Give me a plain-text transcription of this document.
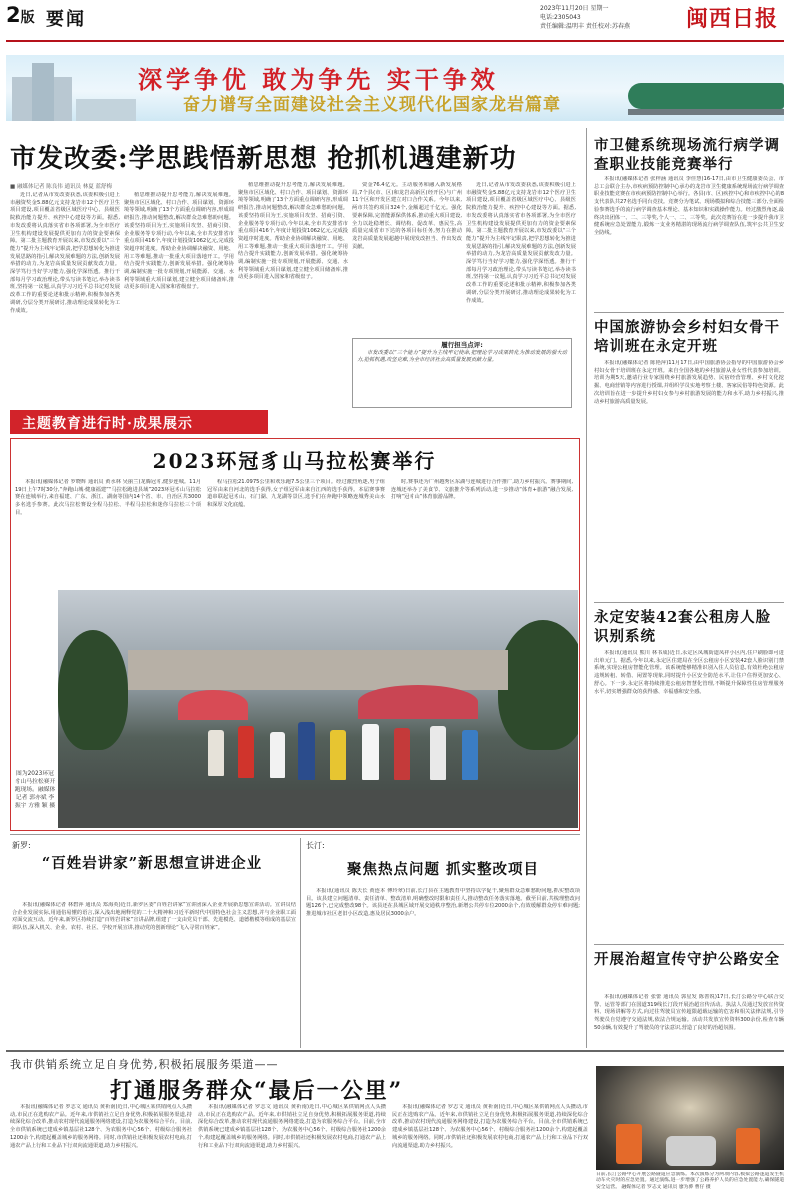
2版 要闻
2023年11月20日 星期一
电话:2305043
责任编辑:温明丰 责任校对:苏春燕	闽西日报
深学争优 敢为争先 实干争效
奋力谱写全面建设社会主义现代化国家龙岩篇章
市发改委:学思践悟新思想 抢抓机遇建新功
■ 融媒体记者 陈良伟 通讯员 林夏 蓝舒梅
近日,记者从市发改委获悉,该委积极引进上市融资奖金5.88亿元支持龙岩市12个医疗卫生项目建设,项目覆盖省级区域医疗中心、县级医院救治能力提升、疾控中心建设等方面。据悉,市发改委将认真落实省市各项部署,为全市医疗卫生机构建设发展提供更加有力的资金要素保障。第二批主题教育开展以来,市发改委以“三个能力”提升为主线牢记职责,把学思想转化为推进发展思路的指引,解决发展难题的方法,创新发展举措的动力,为龙岩高质量发展贡献发改力量。深学笃行当好学习能力,强化学深悟透。推行干部每月学习政治理论,带头写读书笔记,举办读书班,坚持第一议题,认真学习习近平总书记对发展改革工作的重要论述和批示精神,积极参加各类调研,分层分类开展研讨,推动理论成果转化为工作成效。
植思维推动提升思考能力,解决发展难题。聚焦市区区域化、村口合作、项目谋划、资源环境等领域,明确了13个方面重点调研内容,形成调研报告,推动问题整改,解决群众急难愁盼问题。该委坚持项目为王,实施项目攻坚、招商引资、企业服务等专项行动,今年以来,全市共安排省市重点项目416个,年度计划投资1062亿元,完成投资超序时进度。帮助企业协调解决融资、用地、用工等难题,推动一批重大项目落地开工。学用结合提升实践能力,创新发展举措。强化统筹协调,编制实施一批专项规划,开展能源、交通、水利等领域重大项目谋划,建立健全项目储备库,推动更多项目进入国家和省级盘子。
植思维推动提升思考能力,解决发展难题。聚焦市区区域化、村口合作、项目谋划、资源环境等领域,明确了13个方面重点调研内容,形成调研报告,推动问题整改,解决群众急难愁盼问题。该委坚持项目为王,实施项目攻坚、招商引资、企业服务等专项行动,今年以来,全市共安排省市重点项目416个,年度计划投资1062亿元,完成投资超序时进度。帮助企业协调解决融资、用地、用工等难题,推动一批重大项目落地开工。学用结合提升实践能力,创新发展举措。强化统筹协调,编制实施一批专项规划,开展能源、交通、水利等领域重大项目谋划,建立健全项目储备库,推动更多项目进入国家和省级盘子。
资金76.4亿元。主动服务和融入新发展格局,7个县(市、区)和龙岩高新区(经开区)与广州11个区和开发区建立对口合作关系。今年以来,两市共签约项目324个,金额超过千亿元。强化要素保障,完善能源保供体系,推动重大项目建设,全力以赴稳增长、调结构、促改革、惠民生,高质量完成省市下达的各项目标任务,努力在推动龙岩高质量发展超越中展现发改担当、作出发改贡献。
近日,记者从市发改委获悉,该委积极引进上市融资奖金5.88亿元支持龙岩市12个医疗卫生项目建设,项目覆盖省级区域医疗中心、县级医院救治能力提升、疾控中心建设等方面。据悉,市发改委将认真落实省市各项部署,为全市医疗卫生机构建设发展提供更加有力的资金要素保障。第二批主题教育开展以来,市发改委以“三个能力”提升为主线牢记职责,把学思想转化为推进发展思路的指引,解决发展难题的方法,创新发展举措的动力,为龙岩高质量发展贡献发改力量。深学笃行当好学习能力,强化学深悟透。推行干部每月学习政治理论,带头写读书笔记,举办读书班,坚持第一议题,认真学习习近平总书记对发展改革工作的重要论述和批示精神,积极参加各类调研,分层分类开展研讨,推动理论成果转化为工作成效。
履行担当点评:
市发改委以“三个能力”提升为主线牢记使命,把理论学习成果转化为推动发展的强大动力,抢抓机遇,攻坚克难,为全市经济社会高质量发展贡献力量。
主题教育进行时·成果展示
2023环冠豸山马拉松赛举行
本报讯(融媒体记者 罗晓辉 通讯员 黄水林 吴丽兰)龙腾冠豸,健步连城。11月19日上午7时30分,“奔跑山城·健康福建”“马拉松跑进县域”2023环冠豸山马拉松赛在连城举行,来自福建、广东、浙江、湖南等国内14个省、市、自治区共3000多名选手参赛。此次马拉松赛设全程马拉松、半程马拉松和迷你马拉松三个项目。
程马拉松21.0975公里和欢乐跑7.5公里三个项目。经过激烈角逐,男子组冠军由来自河北的选手获得,女子组冠军由来自江西的选手获得。本届赛事赛道串联起冠豸山、石门湖、九龙湖等景区,选手们在奔跑中领略连城秀美山水和深厚文化底蕴。
时,赛事还为广州越秀区东湖与连城进行合作推广,助力乡村振兴。赛事期间,连城还举办了美食节、文旅推介等系列活动,进一步推动“体育+旅游”融合发展,打响“冠豸山”体育旅游品牌。
图为2023环冠豸山马拉松赛开跑现场。融媒体记者 郭亦斌 李振宇 方雅 颖 摄
新罗:
“百姓岩讲家”新思想宣讲进企业
本报讯(融媒体记者 林碧萍 通讯员 郑海英)近日,新罗区委“百姓岩讲家”宣讲团深入企业开展新思想宣讲活动。宣讲员结合企业发展实际,用通俗易懂的语言,深入浅出地阐释党的二十大精神和习近平新时代中国特色社会主义思想,并与企业职工面对面交流互动。近年来,新罗区持续打造“百姓岩讲家”宣讲品牌,组建了一支由党员干部、先进模范、道德楷模等组成的基层宣讲队伍,深入机关、企业、农村、社区、学校开展宣讲,推动党的创新理论“飞入寻常百姓家”。
长汀:
聚焦热点问题 抓实整改项目
本报讯(通讯员 陈天长 黄连本 傅玲翠)日前,长汀县在主题教育中坚持以学促干,聚焦群众急难愁盼问题,抓实整改项目。该县建立问题清单、责任清单、整改清单,明确整改时限和责任人,推动整改任务落实落地。截至目前,共梳理整改问题126个,已完成整改98个。该县还在县城区域开展交通秩序整治,新增公共停车位2000余个,有效缓解群众停车难问题;推进城市社区老旧小区改造,惠及居民3000余户。
市卫健系统现场流行病学调查职业技能竞赛举行
本报讯(融媒体记者 张梓涵 通讯员 李佳慧)16-17日,由市卫生健康委员会、市总工会联合主办,市疾病预防控制中心承办的龙岩市卫生健康系统现场流行病学调查职业技能竞赛在市疾病预防控制中心举行。各县(市、区)疾控中心和市疾控中心的8支代表队共27名选手同台竞技。竞赛分为笔试、现场模拟和综合技能三部分,全面检验参赛选手的流行病学调查基本理论、基本知识和实践操作能力。经过激烈角逐,最终决出团体一、二、三等奖,个人一、二、三等奖。此次竞赛旨在进一步提升我市卫健系统应急处置能力,锻炼一支业务精湛的现场流行病学调查队伍,筑牢公共卫生安全防线。
中国旅游协会乡村妇女骨干培训班在永定开班
本报讯(融媒体记者 陈艳萍)11月17日,由中国旅游协会指导的中国旅游协会乡村妇女骨干培训班在永定开班。来自全国各地的乡村旅游从业女性代表参加培训。培训为期5天,邀请行业专家围绕乡村旅游发展趋势、民宿经营管理、乡村文化挖掘、电商营销等内容进行授课,并组织学员实地考察土楼、客家民俗等特色资源。此次培训旨在进一步提升乡村妇女参与乡村旅游发展的能力和水平,助力乡村振兴,推动乡村旅游高质量发展。
永定安装42套公租房人脸识别系统
本报讯(通讯员 熊川 林书成)近日,永定区凤城街道凤祥小区内,住户刷脸即可进出单元门。据悉,今年以来,永定区住建局在全区公租房小区安装42套人脸识别门禁系统,实现公租房智能化管理。该系统能够精准识别入住人员信息,有效杜绝公租房违规转租、转借、闲置等现象,同时提升小区安全防范水平,让住户住得更加安心、舒心。下一步,永定区将持续推进公租房智慧化管理,不断提升保障性住房管理服务水平,切实增强群众的获得感、幸福感和安全感。
开展治超宣传守护公路安全
本报讯(融媒体记者 张蕾 通讯员 郭星发 陈善锐)17日,长汀公路分中心联合交警、运管等部门在国道319线长汀段开展治超宣传活动。执法人员通过发放宣传资料、现场讲解等方式,向过往驾驶员宣传超限超载运输的危害和相关法律法规,引导驾驶员自觉遵守交通法规,依法合规运输。活动共发放宣传资料300余份,检查车辆50余辆,有效提升了驾驶员的守法意识,营造了良好的治超氛围。
我市供销系统立足自身优势,积极拓展服务渠道——
打通服务群众“最后一公里”
本报讯(融媒体记者 罗志文 通讯员 黄祈南)近日,中心城区某供销网点人头攒动,市民正在选购农产品。近年来,市供销社立足自身优势,积极拓展服务渠道,持续深化综合改革,推动农村现代流通服务网络建设,打造为农服务综合平台。目前,全市供销系统已建成乡镇基层社128个、为农服务中心56个、村级综合服务社1200余个,构建起覆盖城乡的服务网络。同时,市供销社还积极发展农村电商,打通农产品上行和工业品下行双向流通渠道,助力乡村振兴。
本报讯(融媒体记者 罗志文 通讯员 黄祈南)近日,中心城区某供销网点人头攒动,市民正在选购农产品。近年来,市供销社立足自身优势,积极拓展服务渠道,持续深化综合改革,推动农村现代流通服务网络建设,打造为农服务综合平台。目前,全市供销系统已建成乡镇基层社128个、为农服务中心56个、村级综合服务社1200余个,构建起覆盖城乡的服务网络。同时,市供销社还积极发展农村电商,打通农产品上行和工业品下行双向流通渠道,助力乡村振兴。
本报讯(融媒体记者 罗志文 通讯员 黄祈南)近日,中心城区某供销网点人头攒动,市民正在选购农产品。近年来,市供销社立足自身优势,积极拓展服务渠道,持续深化综合改革,推动农村现代流通服务网络建设,打造为农服务综合平台。目前,全市供销系统已建成乡镇基层社128个、为农服务中心56个、村级综合服务社1200余个,构建起覆盖城乡的服务网络。同时,市供销社还积极发展农村电商,打通农产品上行和工业品下行双向流通渠道,助力乡村振兴。
日前,长汀公路中心开展公路隧道应急演练。本次演练分为两项内容,模拟公路遂道发生机动车火灾时的应急处置。通过演练,进一步增强了公路养护人员的应急处置能力,确保隧道安全运营。 融媒体记者 罗志文 通讯员 廖为骅 曹仔 摄
